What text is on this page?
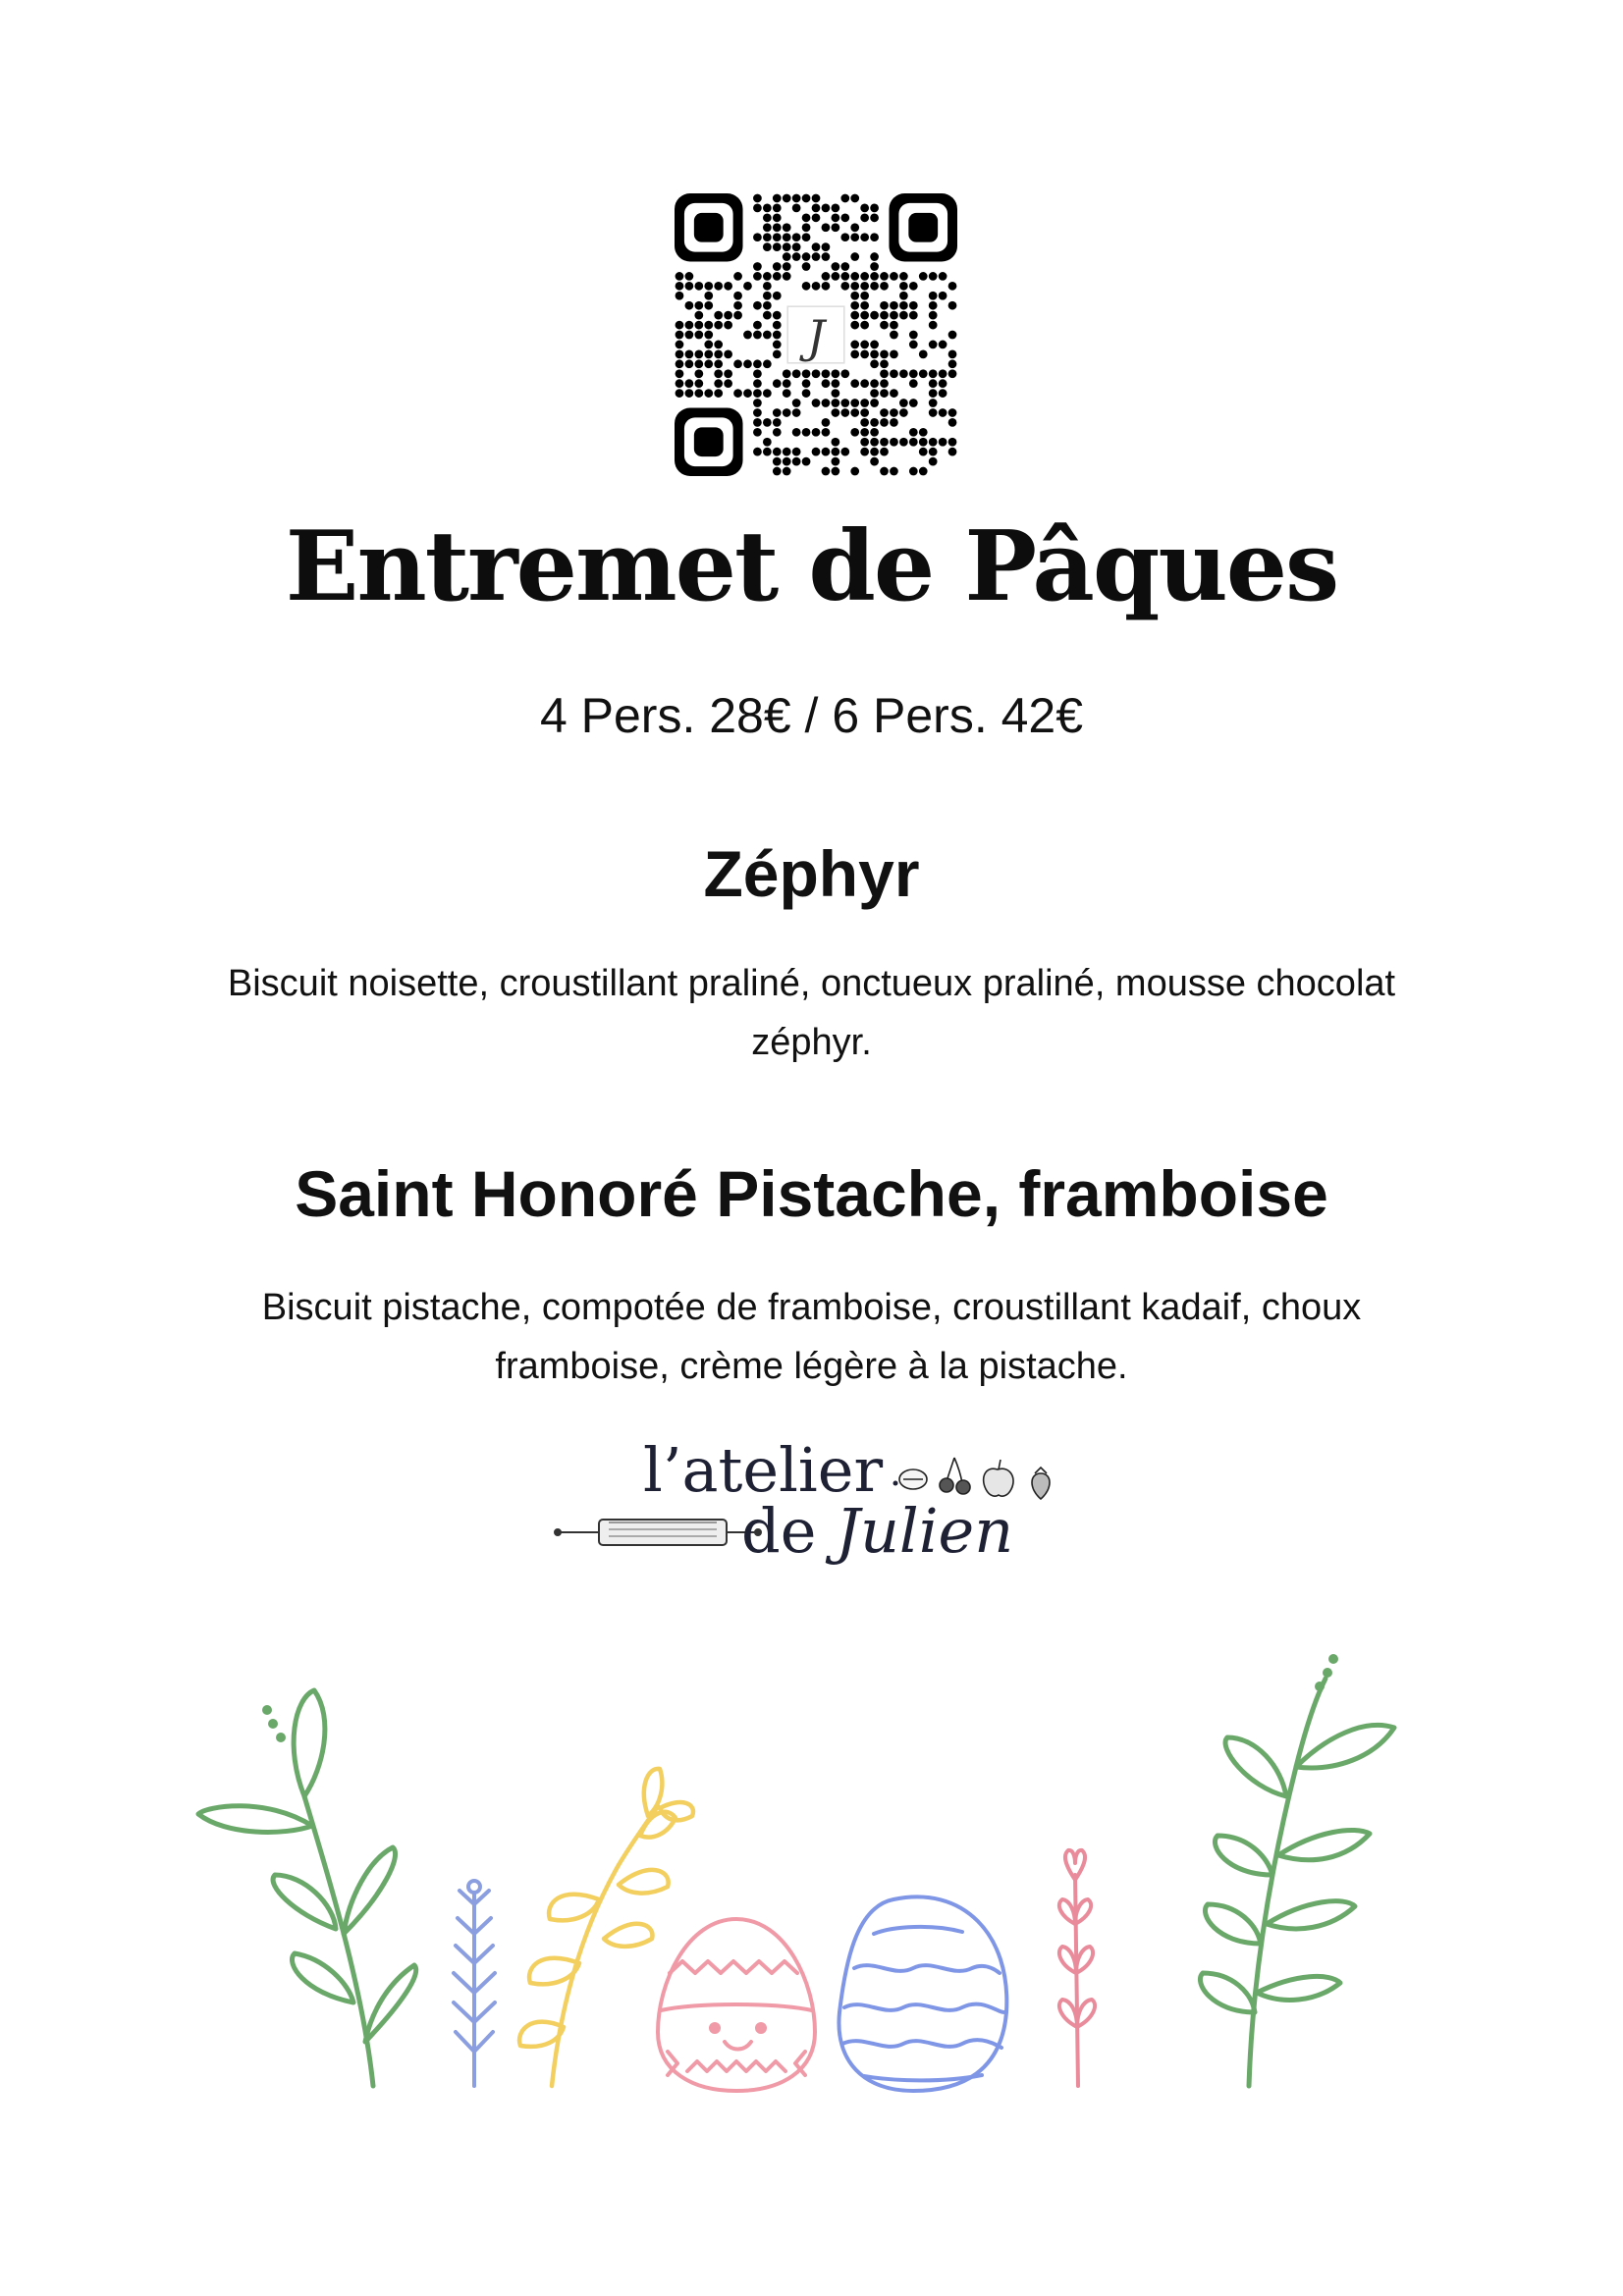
J
Entremet de Pâques
4 Pers. 28€ / 6 Pers. 42€
Zéphyr

Biscuit noisette, croustillant praliné, onctueux praliné, mousse chocolat zéphyr.

Saint Honoré Pistache, framboise

Biscuit pistache, compotée de framboise, croustillant kadaif, choux framboise, crème légère à la pistache.

l’atelier
de Julien
